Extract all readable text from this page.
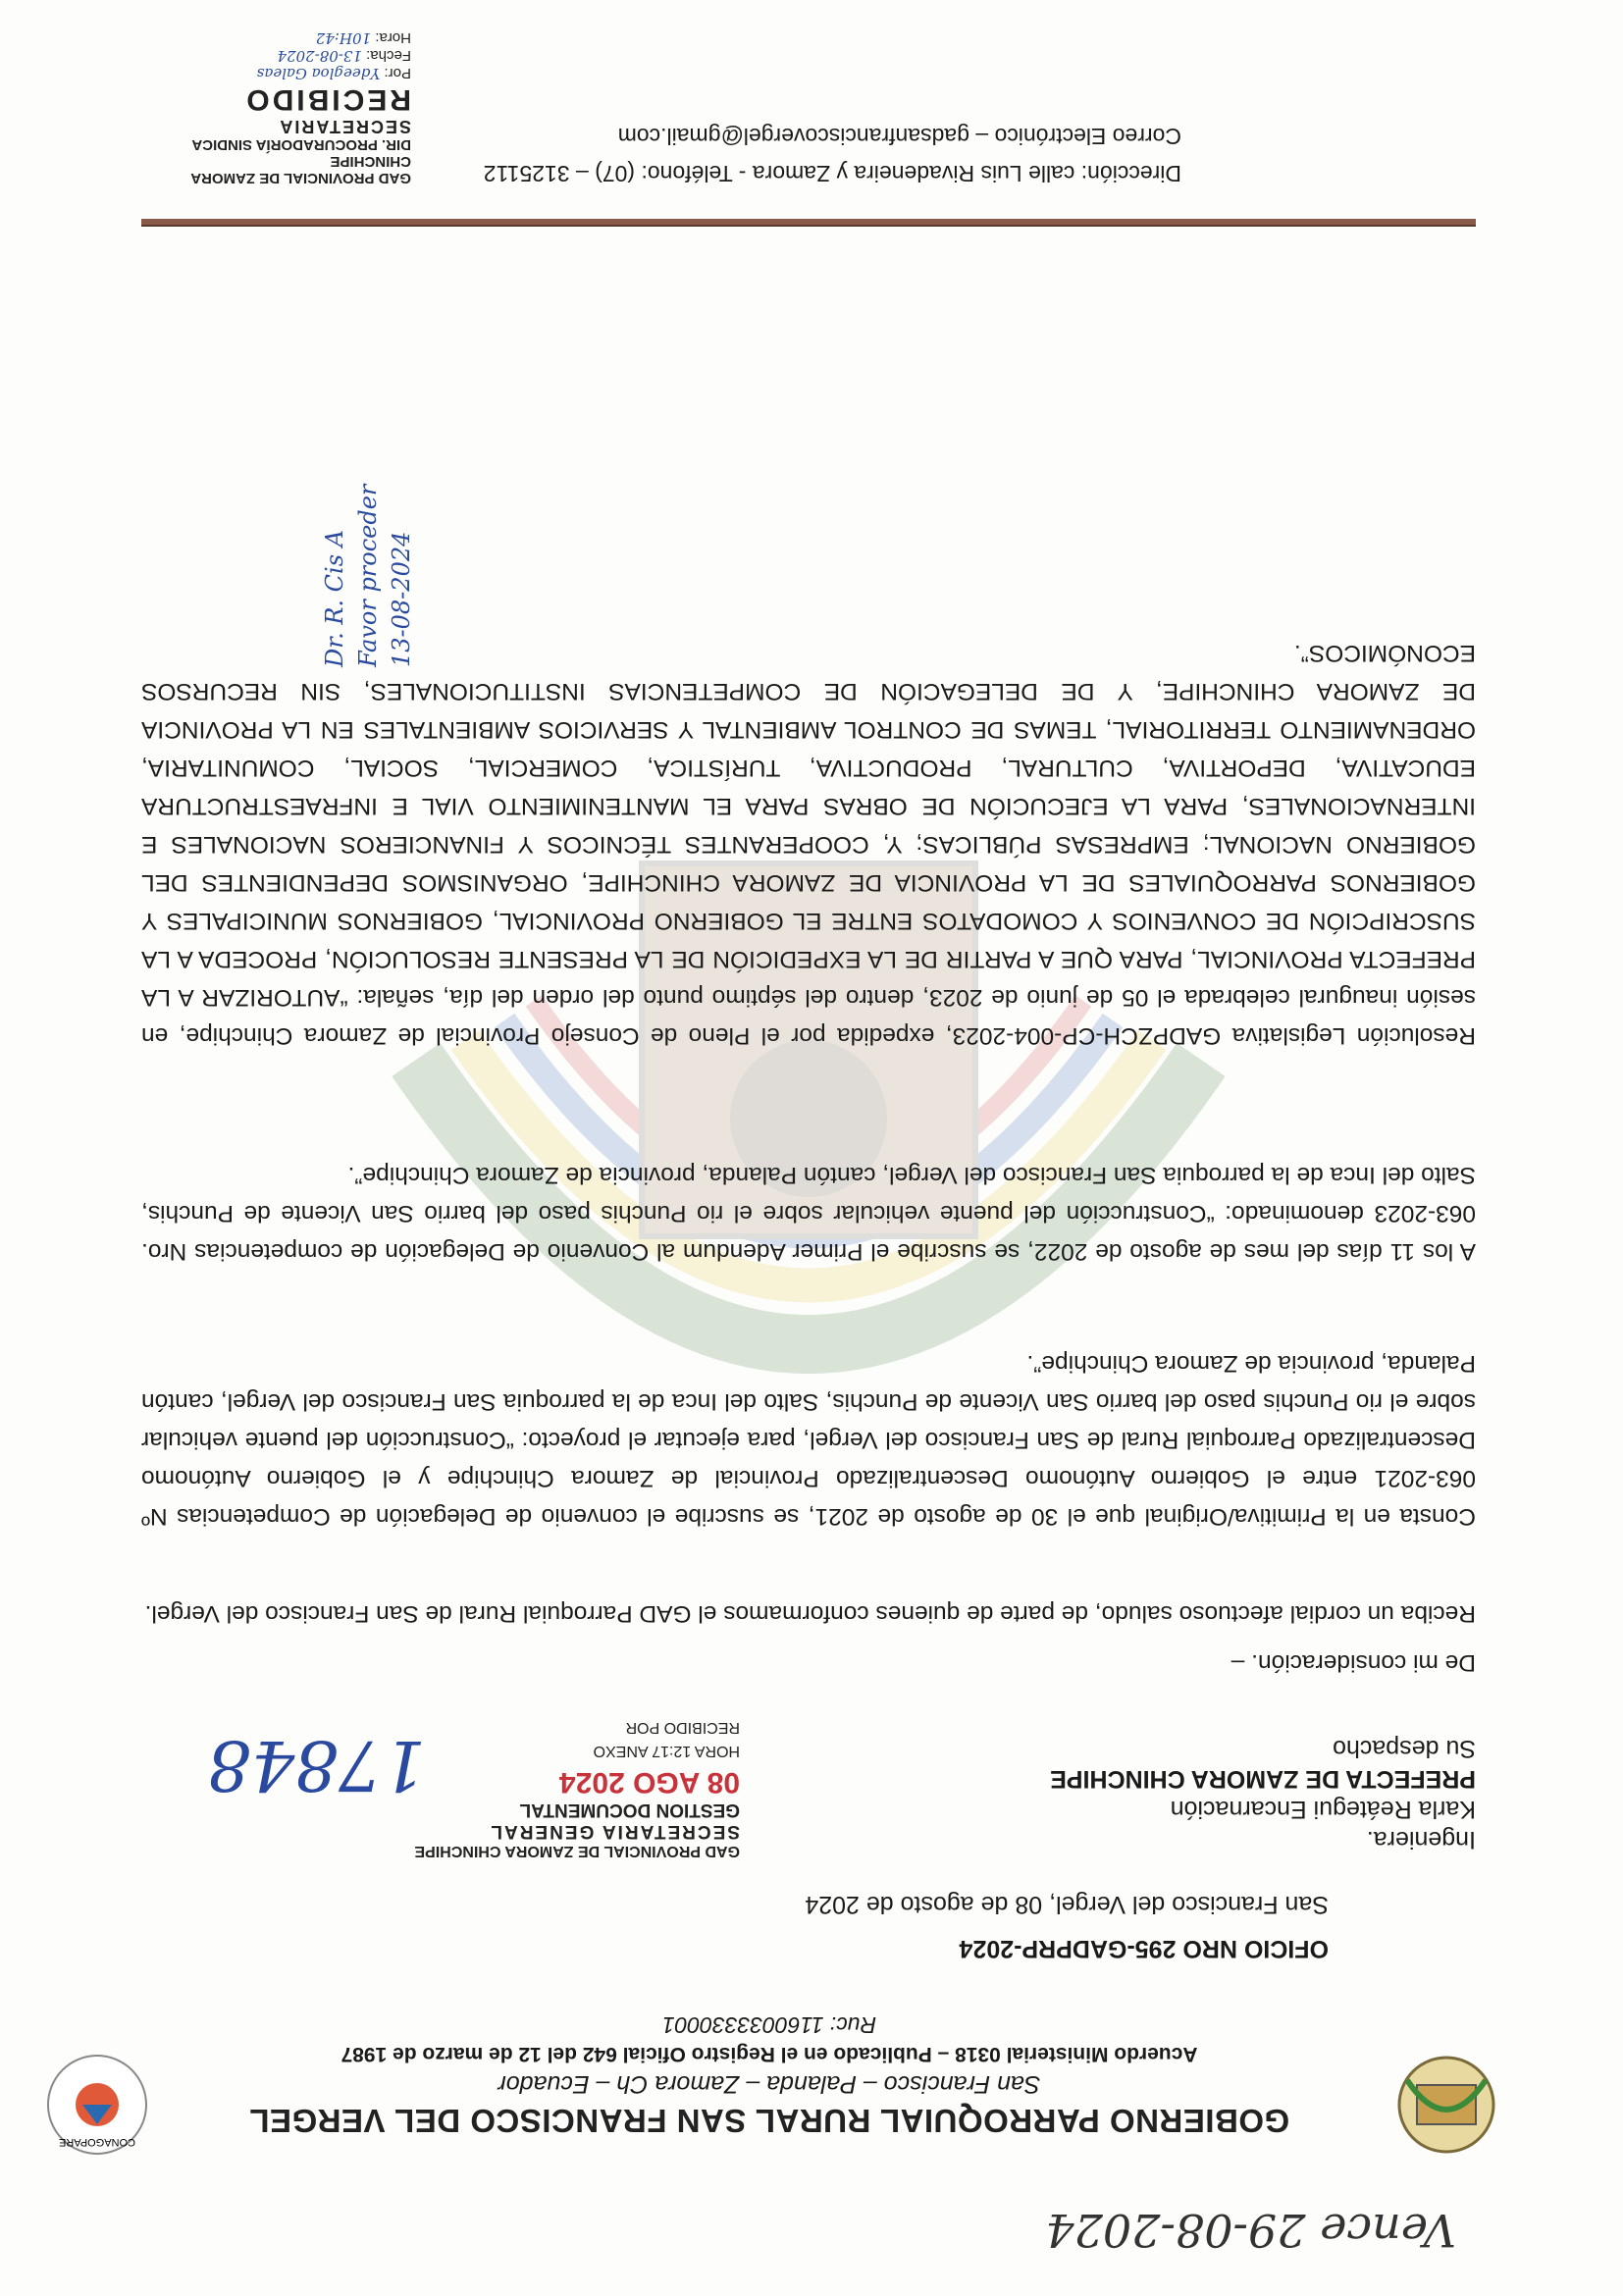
GOBIERNO PARROQUIAL RURAL SAN FRANCISCO DEL VERGEL
San Francisco – Palanda – Zamora Ch – Ecuador
Acuerdo Ministerial 0318 – Publicado en el Registro Oficial 642 del 12 de marzo de 1987
Ruc: 1160033330001
CONAGOPARE
GAD PROVINCIAL DE ZAMORA CHINCHIPE
SECRETARIA GENERAL
GESTION DOCUMENTAL
08 AGO 2024
HORA 12:17 ANEXO
RECIBIDO POR
17848
Vence 29-08-2024
OFICIO NRO 295-GADPRP-2024
San Francisco del Vergel, 08 de agosto de 2024
Ingeniera.
Karla Reátegui Encarnación
PREFECTA DE ZAMORA CHINCHIPE
Su despacho
De mi consideración. –
Reciba un cordial afectuoso saludo, de parte de quienes conformamos el GAD Parroquial Rural de San Francisco del Vergel.
Consta en la Primitiva/Original que el 30 de agosto de 2021, se suscribe el convenio de Delegación de Competencias Nº 063-2021 entre el Gobierno Autónomo Descentralizado Provincial de Zamora Chinchipe y el Gobierno Autónomo Descentralizado Parroquial Rural de San Francisco del Vergel, para ejecutar el proyecto: “Construcción del puente vehicular sobre el rio Punchis paso del barrio San Vicente de Punchis, Salto del Inca de la parroquia San Francisco del Vergel, cantón Palanda, provincia de Zamora Chinchipe”.
A los 11 días del mes de agosto de 2022, se suscribe el Primer Adendum al Convenio de Delegación de competencias Nro. 063-2023 denominado: “Construcción del puente vehicular sobre el rio Punchis paso del barrio San Vicente de Punchis, Salto del Inca de la parroquia San Francisco del Vergel, cantón Palanda, provincia de Zamora Chinchipe”.
Resolución Legislativa GADPZCH-CP-004-2023, expedida por el Pleno de Consejo Provincial de Zamora Chinchipe, en sesión inaugural celebrada el 05 de junio de 2023, dentro del séptimo punto del orden del día, señala: “AUTORIZAR A LA PREFECTA PROVINCIAL, PARA QUE A PARTIR DE LA EXPEDICIÓN DE LA PRESENTE RESOLUCIÓN, PROCEDA A LA SUSCRIPCIÓN DE CONVENIOS Y COMODATOS ENTRE EL GOBIERNO PROVINCIAL, GOBIERNOS MUNICIPALES Y GOBIERNOS PARROQUIALES DE LA PROVINCIA DE ZAMORA CHINCHIPE, ORGANISMOS DEPENDIENTES DEL GOBIERNO NACIONAL; EMPRESAS PÚBLICAS; Y, COOPERANTES TÉCNICOS Y FINANCIEROS NACIONALES E INTERNACIONALES, PARA LA EJECUCIÓN DE OBRAS PARA EL MANTENIMIENTO VIAL E INFRAESTRUCTURA EDUCATIVA, DEPORTIVA, CULTURAL, PRODUCTIVA, TURÍSTICA, COMERCIAL, SOCIAL, COMUNITARIA, ORDENAMIENTO TERRITORIAL, TEMAS DE CONTROL AMBIENTAL Y SERVICIOS AMBIENTALES EN LA PROVINCIA DE ZAMORA CHINCHIPE, Y DE DELEGACIÓN DE COMPETENCIAS INSTITUCIONALES, SIN RECURSOS ECONÓMICOS”.
Dr. R. Cis A Favor proceder 13-08-2024
Dirección: calle Luis Rivadeneira y Zamora - Teléfono: (07) – 3125112
Correo Electrónico – gadsanfranciscovergel@gmail.com
GAD PROVINCIAL DE ZAMORA CHINCHIPE
DIR. PROCURADORÍA SINDICA
SECRETARIA
RECIBIDO
Por: Ydeegloa Galeas
Fecha: 13-08-2024
Hora: 10H:42
